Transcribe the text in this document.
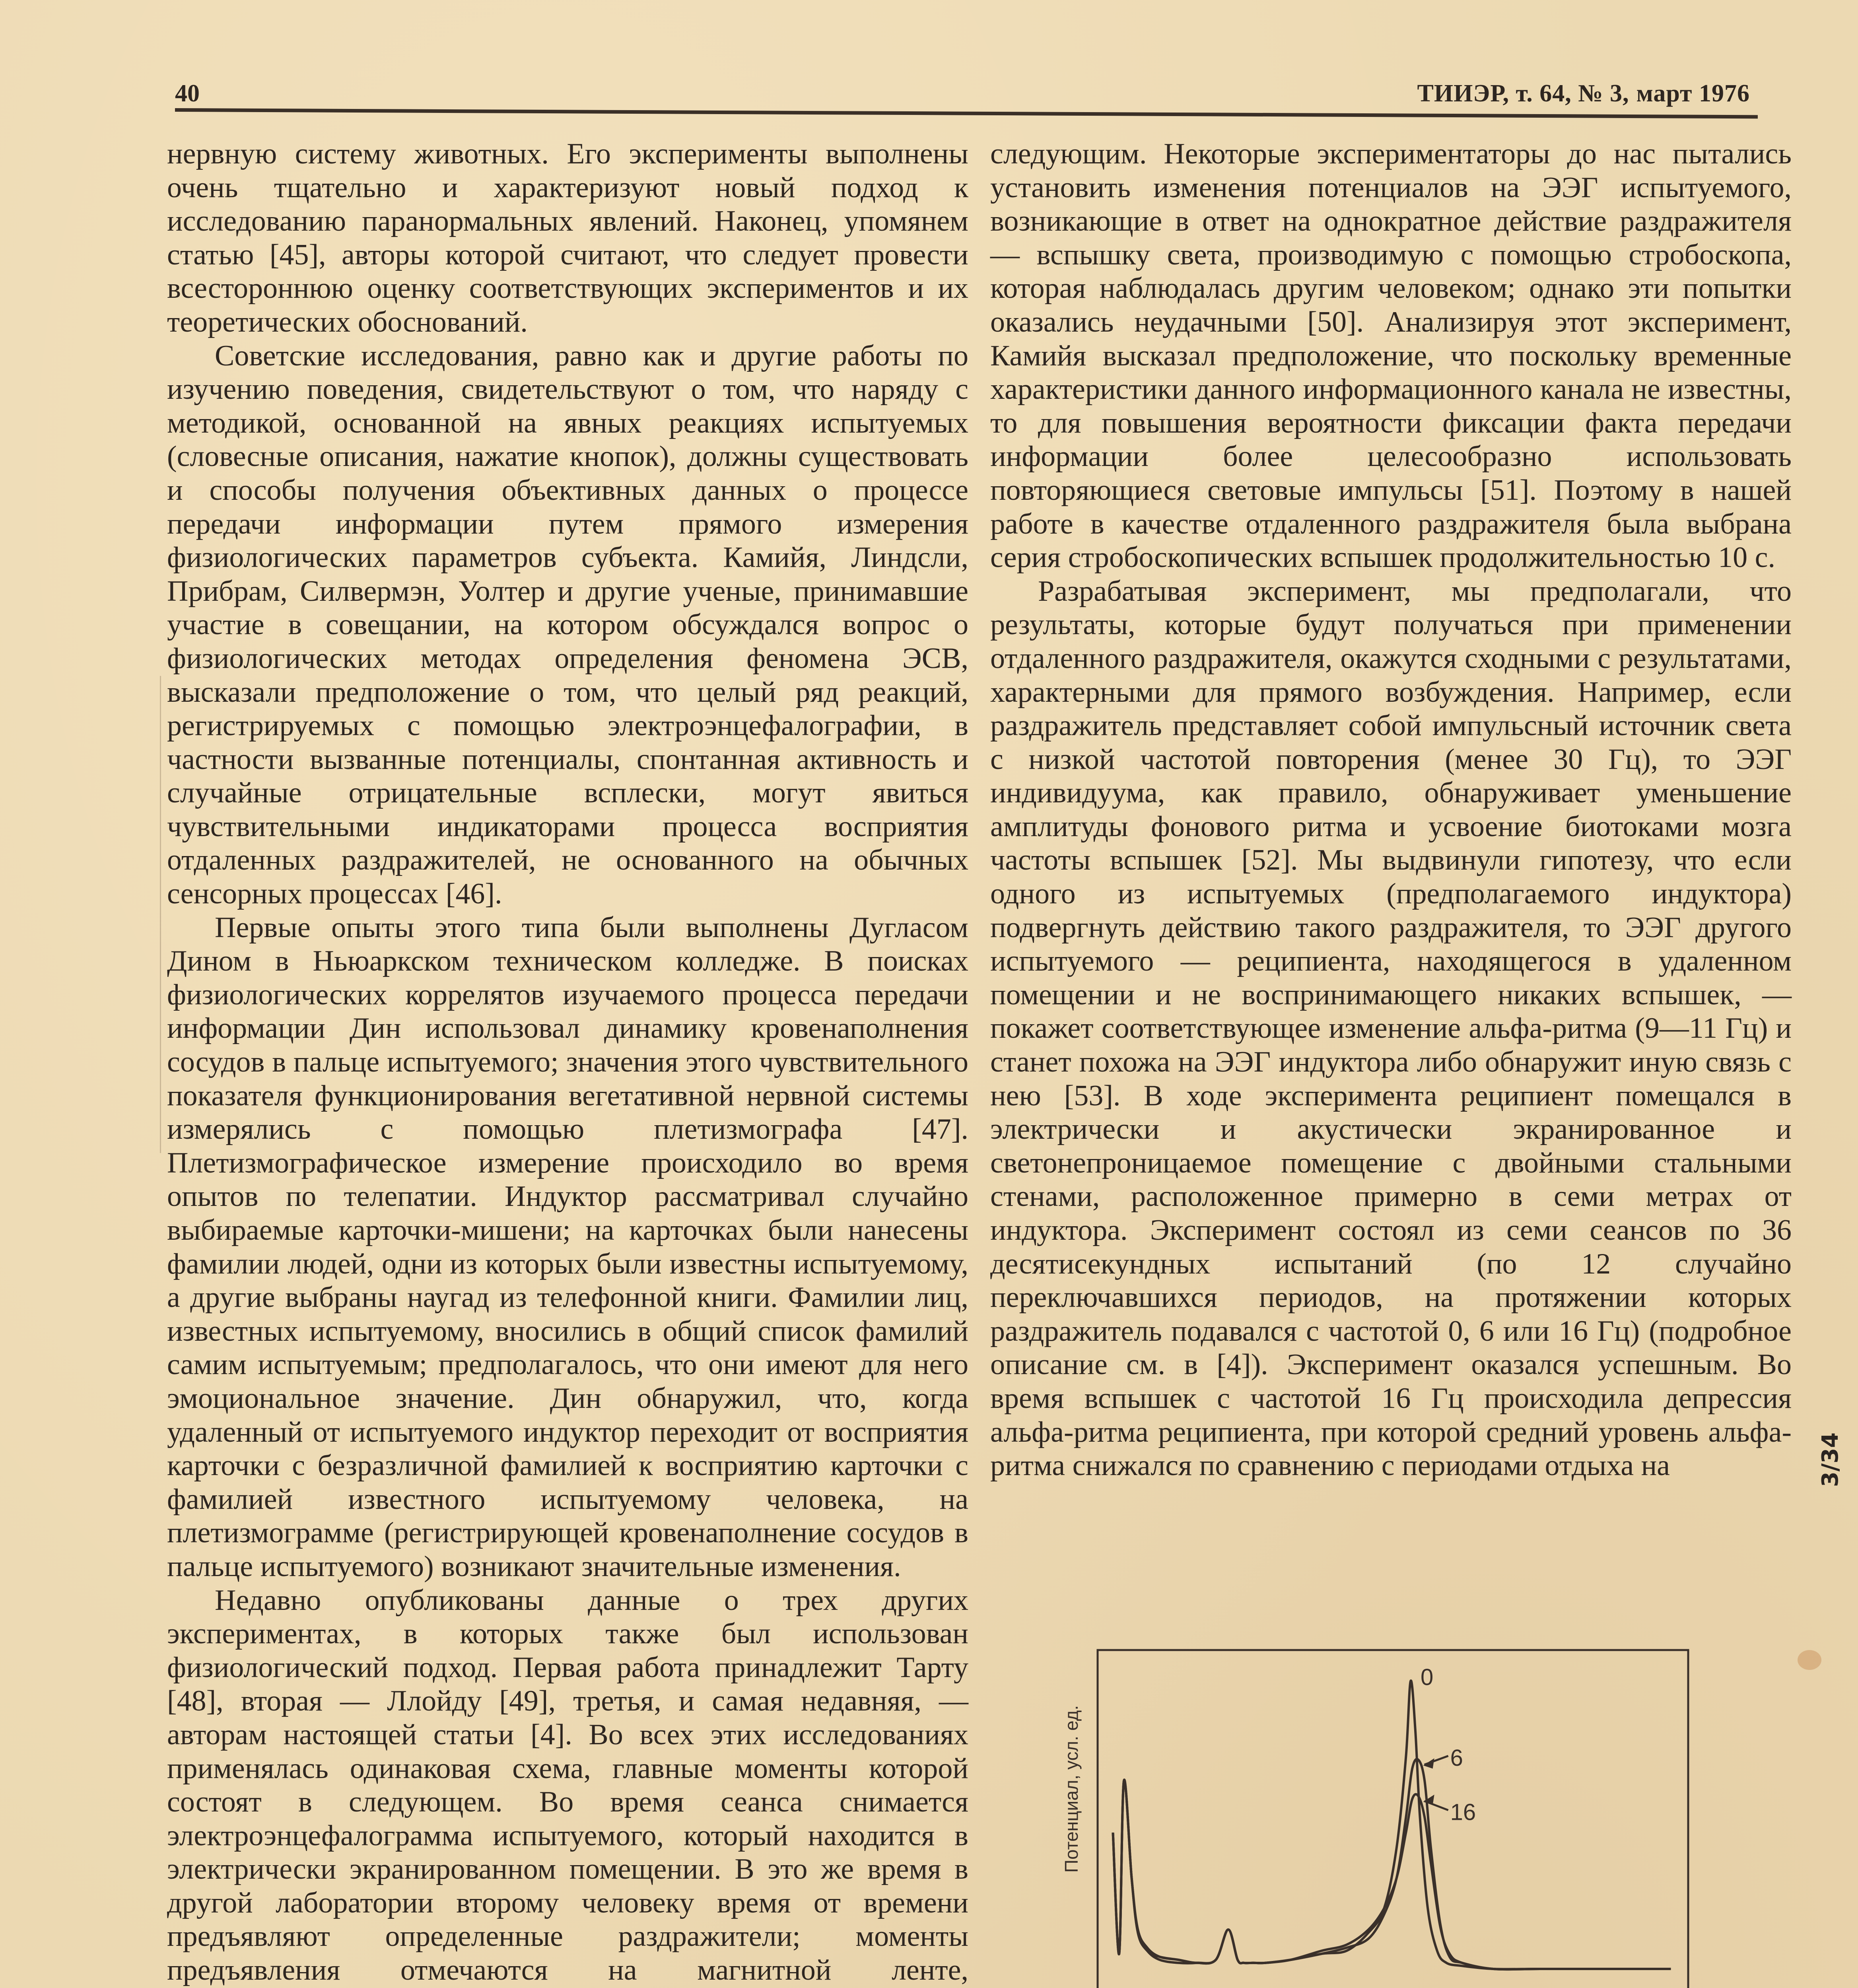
40	ТИИЭР, т. 64, № 3, март 1976

нервную систему животных. Его эксперименты выполнены очень тщательно и характеризуют новый подход к исследованию паранормальных явлений. Наконец, упомянем статью [45], авторы которой считают, что следует провести всестороннюю оценку соответствующих экспериментов и их теоретических обоснований.

Советские исследования, равно как и другие работы по изучению поведения, свидетельствуют о том, что наряду с методикой, основанной на явных реакциях испытуемых (словесные описания, нажатие кнопок), должны существовать и способы получения объективных данных о процессе передачи информации путем прямого измерения физиологических параметров субъекта. Камийя, Линдсли, Прибрам, Силвермэн, Уолтер и другие ученые, принимавшие участие в совещании, на котором обсуждался вопрос о физиологических методах определения феномена ЭСВ, высказали предположение о том, что целый ряд реакций, регистрируемых с помощью электроэнцефалографии, в частности вызванные потенциалы, спонтанная активность и случайные отрицательные всплески, могут явиться чувствительными индикаторами процесса восприятия отдаленных раздражителей, не основанного на обычных сенсорных процессах [46].

Первые опыты этого типа были выполнены Дугласом Дином в Ньюаркском техническом колледже. В поисках физиологических коррелятов изучаемого процесса передачи информации Дин использовал динамику кровенаполнения сосудов в пальце испытуемого; значения этого чувствительного показателя функционирования вегетативной нервной системы измерялись с помощью плетизмографа [47]. Плетизмографическое измерение происходило во время опытов по телепатии. Индуктор рассматривал случайно выбираемые карточки-мишени; на карточках были нанесены фамилии людей, одни из которых были известны испытуемому, а другие выбраны наугад из телефонной книги. Фамилии лиц, известных испытуемому, вносились в общий список фамилий самим испытуемым; предполагалось, что они имеют для него эмоциональное значение. Дин обнаружил, что, когда удаленный от испытуемого индуктор переходит от восприятия карточки с безразличной фамилией к восприятию карточки с фамилией известного испытуемому человека, на плетизмограмме (регистрирующей кровенаполнение сосудов в пальце испытуемого) возникают значительные изменения.

Недавно опубликованы данные о трех других экспериментах, в которых также был использован физиологический подход. Первая работа принадлежит Тарту [48], вторая — Ллойду [49], третья, и самая недавняя, — авторам настоящей статьи [4]. Во всех этих исследованиях применялась одинаковая схема, главные моменты которой состоят в следующем. Во время сеанса снимается электроэнцефалограмма испытуемого, который находится в электрически экранированном помещении. В это же время в другой лаборатории второму человеку время от времени предъявляют определенные раздражители; моменты предъявления отмечаются на магнитной ленте,

следующим. Некоторые экспериментаторы до нас пытались установить изменения потенциалов на ЭЭГ испытуемого, возникающие в ответ на однократное действие раздражителя — вспышку света, производимую с помощью стробоскопа, которая наблюдалась другим человеком; однако эти попытки оказались неудачными [50]. Анализируя этот эксперимент, Камийя высказал предположение, что поскольку временные характеристики данного информационного канала не известны, то для повышения вероятности фиксации факта передачи информации более целесообразно использовать повторяющиеся световые импульсы [51]. Поэтому в нашей работе в качестве отдаленного раздражителя была выбрана серия стробоскопических вспышек продолжительностью 10 с.

Разрабатывая эксперимент, мы предполагали, что результаты, которые будут получаться при применении отдаленного раздражителя, окажутся сходными с результатами, характерными для прямого возбуждения. Например, если раздражитель представляет собой импульсный источник света с низкой частотой повторения (менее 30 Гц), то ЭЭГ индивидуума, как правило, обнаруживает уменьшение амплитуды фонового ритма и усвоение биотоками мозга частоты вспышек [52]. Мы выдвинули гипотезу, что если одного из испытуемых (предполагаемого индуктора) подвергнуть действию такого раздражителя, то ЭЭГ другого испытуемого — реципиента, находящегося в удаленном помещении и не воспринимающего никаких вспышек, — покажет соответствующее изменение альфа-ритма (9—11 Гц) и станет похожа на ЭЭГ индуктора либо обнаружит иную связь с нею [53]. В ходе эксперимента реципиент помещался в электрически и акустически экранированное и светонепроницаемое помещение с двойными стальными стенами, расположенное примерно в семи метрах от индуктора. Эксперимент состоял из семи сеансов по 36 десятисекундных испытаний (по 12 случайно переключавшихся периодов, на протяжении которых раздражитель подавался с частотой 0, 6 или 16 Гц) (подробное описание см. в [4]). Эксперимент оказался успешным. Во время вспышек с частотой 16 Гц происходила депрессия альфа-ритма реципиента, при которой средний уровень альфа-ритма снижался по сравнению с периодами отдыха на

Потенциал, усл. ед.
0
6
16
3/34
